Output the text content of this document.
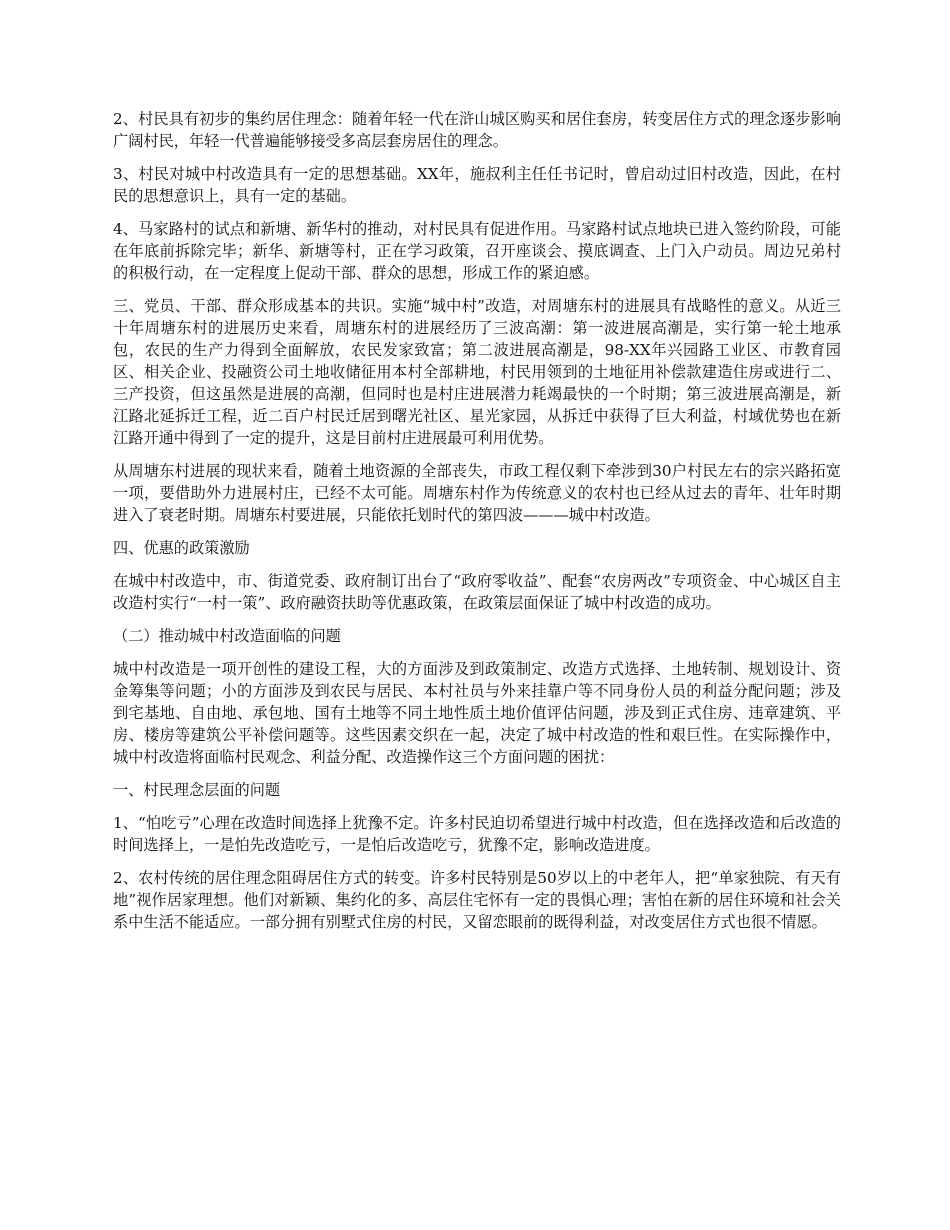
2、村民具有初步的集约居住理念：随着年轻一代在浒山城区购买和居住套房，转变居住方式的理念逐步影响广阔村民，年轻一代普遍能够接受多高层套房居住的理念。

3、村民对城中村改造具有一定的思想基础。XX年，施叔利主任任书记时，曾启动过旧村改造，因此，在村民的思想意识上，具有一定的基础。

4、马家路村的试点和新塘、新华村的推动，对村民具有促进作用。马家路村试点地块已进入签约阶段，可能在年底前拆除完毕；新华、新塘等村，正在学习政策，召开座谈会、摸底调查、上门入户动员。周边兄弟村的积极行动，在一定程度上促动干部、群众的思想，形成工作的紧迫感。

三、党员、干部、群众形成基本的共识。实施“城中村”改造，对周塘东村的进展具有战略性的意义。从近三十年周塘东村的进展历史来看，周塘东村的进展经历了三波高潮：第一波进展高潮是，实行第一轮土地承包，农民的生产力得到全面解放，农民发家致富；第二波进展高潮是，98-XX年兴园路工业区、市教育园区、相关企业、投融资公司土地收储征用本村全部耕地，村民用领到的土地征用补偿款建造住房或进行二、三产投资，但这虽然是进展的高潮，但同时也是村庄进展潜力耗竭最快的一个时期；第三波进展高潮是，新江路北延拆迁工程，近二百户村民迁居到曙光社区、星光家园，从拆迁中获得了巨大利益，村域优势也在新江路开通中得到了一定的提升，这是目前村庄进展最可利用优势。

从周塘东村进展的现状来看，随着土地资源的全部丧失，市政工程仅剩下牵涉到30户村民左右的宗兴路拓宽一项，要借助外力进展村庄，已经不太可能。周塘东村作为传统意义的农村也已经从过去的青年、壮年时期进入了衰老时期。周塘东村要进展，只能依托划时代的第四波———城中村改造。

四、优惠的政策激励

在城中村改造中，市、街道党委、政府制订出台了“政府零收益”、配套“农房两改”专项资金、中心城区自主改造村实行“一村一策”、政府融资扶助等优惠政策，在政策层面保证了城中村改造的成功。

（二）推动城中村改造面临的问题

城中村改造是一项开创性的建设工程，大的方面涉及到政策制定、改造方式选择、土地转制、规划设计、资金筹集等问题；小的方面涉及到农民与居民、本村社员与外来挂靠户等不同身份人员的利益分配问题；涉及到宅基地、自由地、承包地、国有土地等不同土地性质土地价值评估问题，涉及到正式住房、违章建筑、平房、楼房等建筑公平补偿问题等。这些因素交织在一起，决定了城中村改造的性和艰巨性。在实际操作中，城中村改造将面临村民观念、利益分配、改造操作这三个方面问题的困扰：

一、村民理念层面的问题

1、“怕吃亏”心理在改造时间选择上犹豫不定。许多村民迫切希望进行城中村改造，但在选择改造和后改造的时间选择上，一是怕先改造吃亏，一是怕后改造吃亏，犹豫不定，影响改造进度。

2、农村传统的居住理念阻碍居住方式的转变。许多村民特别是50岁以上的中老年人，把“单家独院、有天有地”视作居家理想。他们对新颖、集约化的多、高层住宅怀有一定的畏惧心理；害怕在新的居住环境和社会关系中生活不能适应。一部分拥有别墅式住房的村民，又留恋眼前的既得利益，对改变居住方式也很不情愿。
